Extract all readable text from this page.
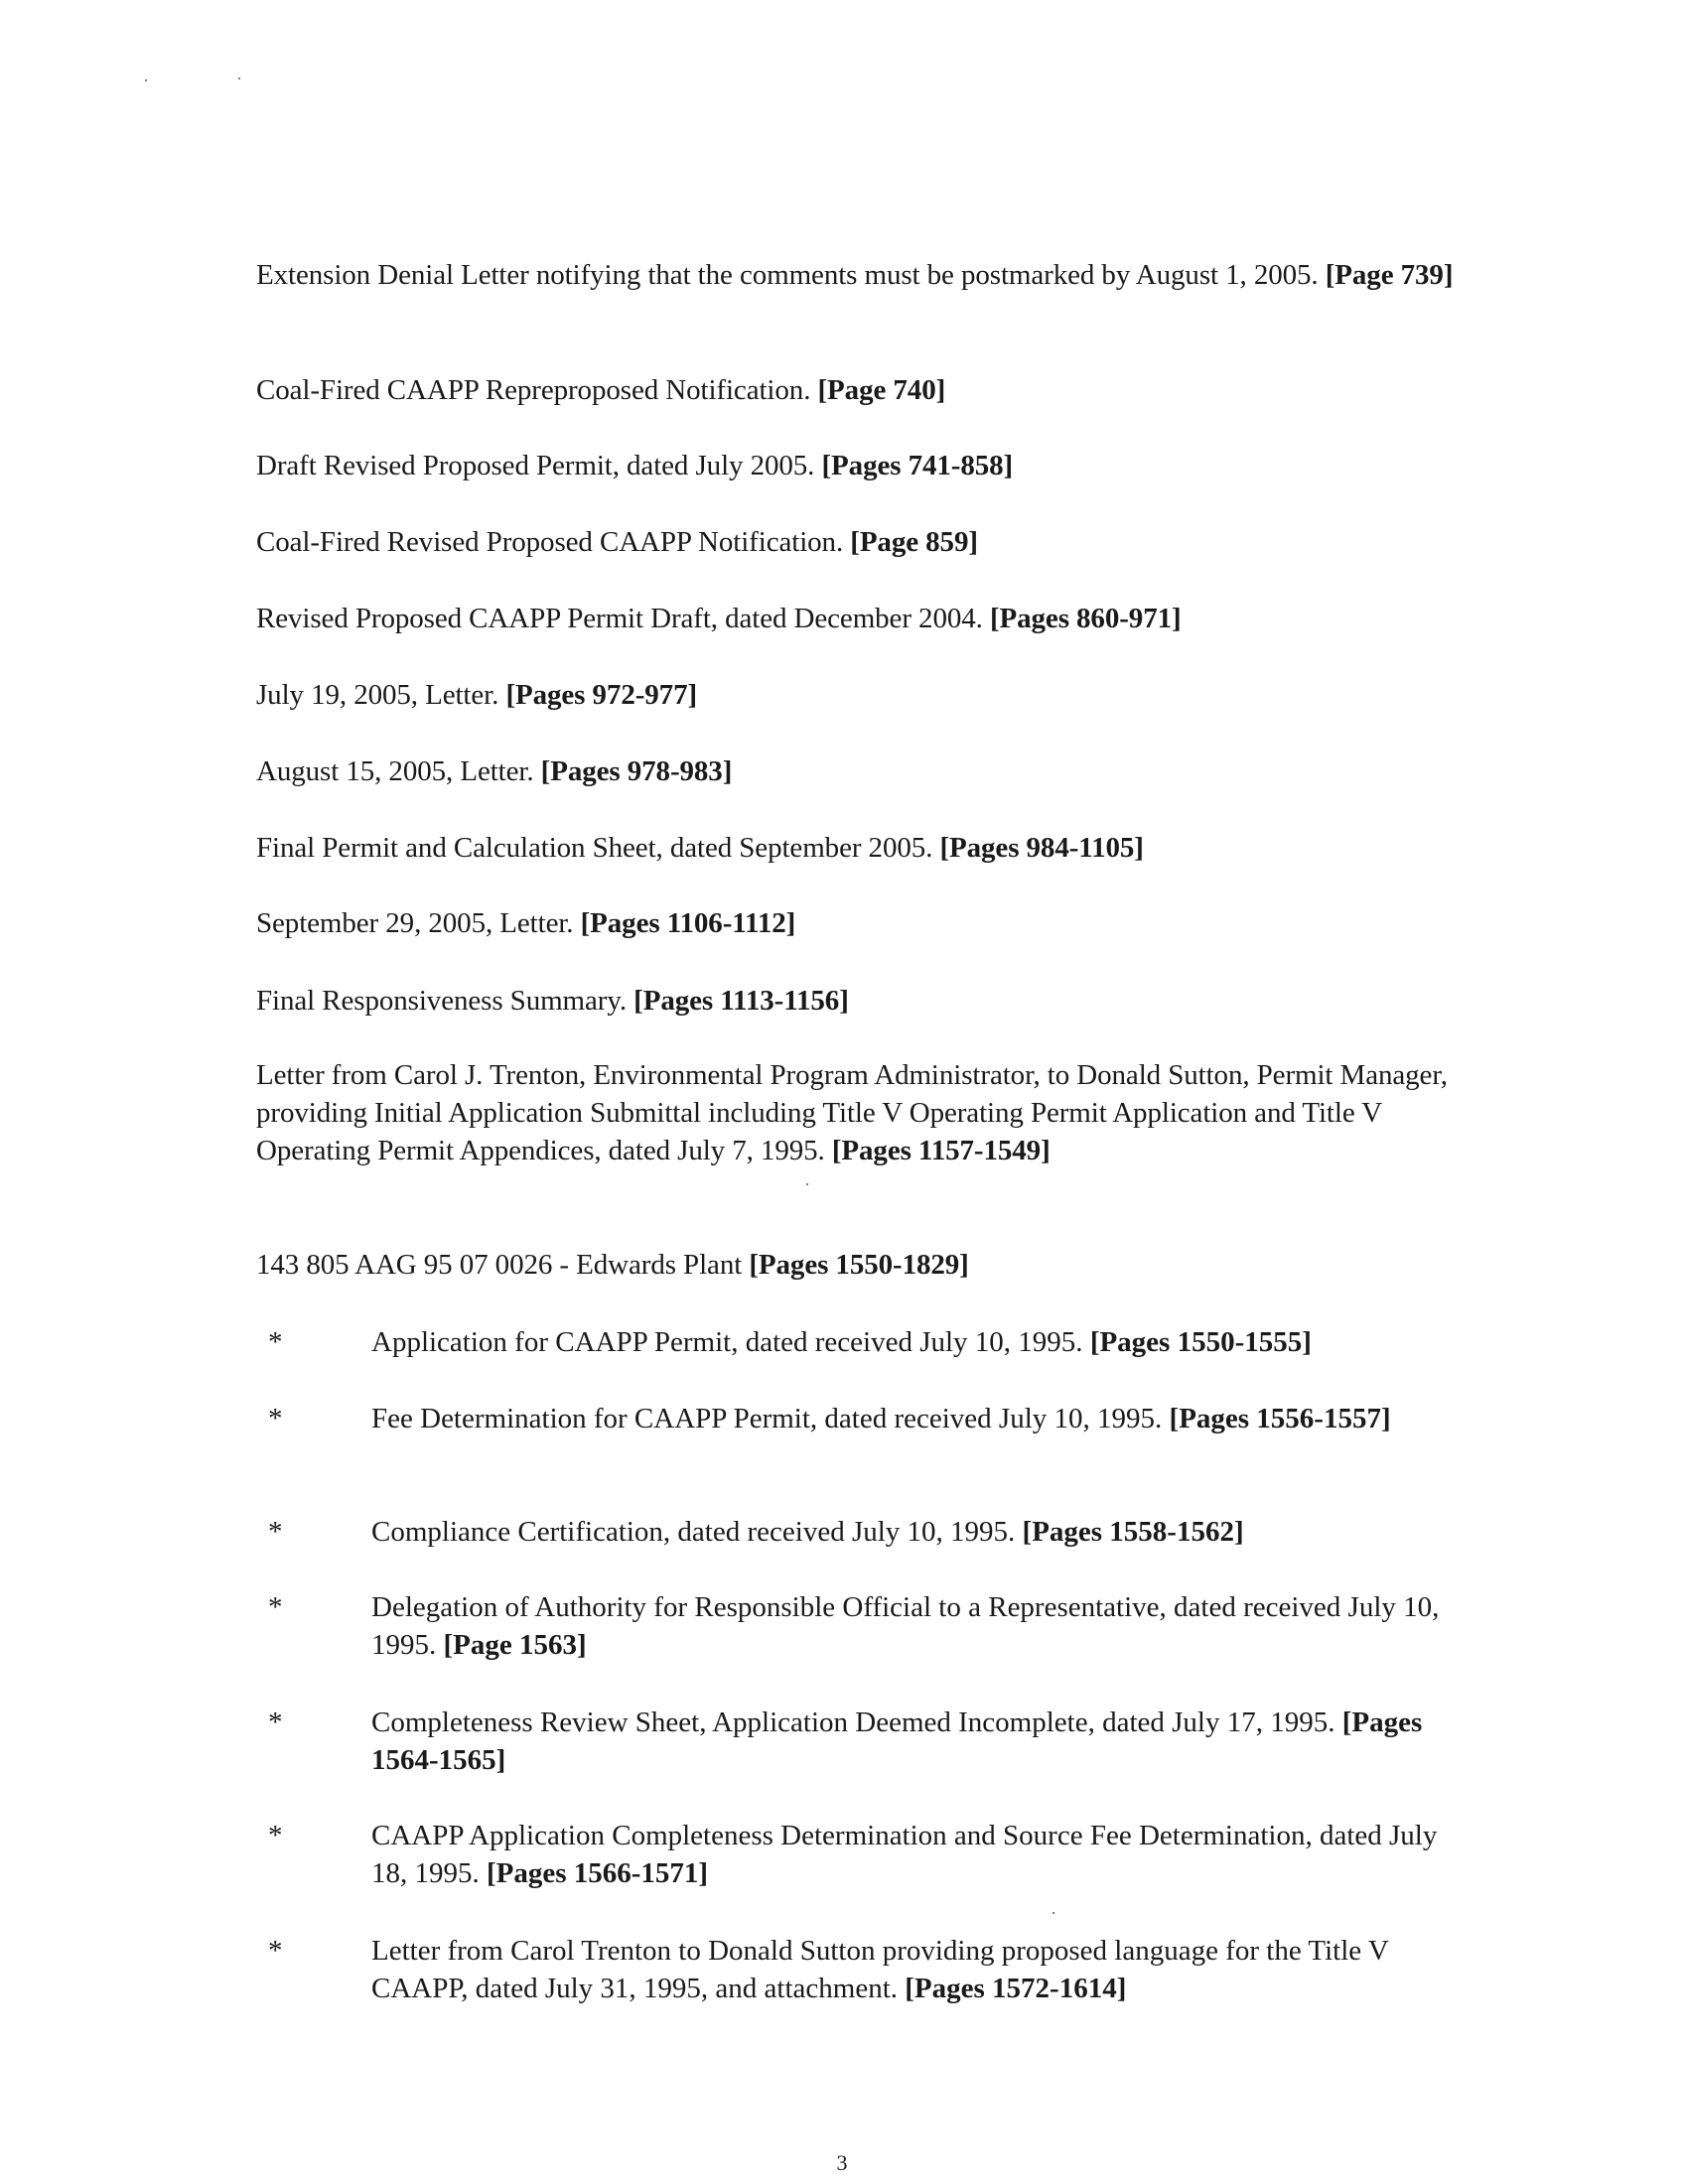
Extension Denial Letter notifying that the comments must be postmarked by August 1, 2005. [Page 739]
Coal-Fired CAAPP Repreproposed Notification. [Page 740]
Draft Revised Proposed Permit, dated July 2005. [Pages 741-858]
Coal-Fired Revised Proposed CAAPP Notification. [Page 859]
Revised Proposed CAAPP Permit Draft, dated December 2004. [Pages 860-971]
July 19, 2005, Letter. [Pages 972-977]
August 15, 2005, Letter. [Pages 978-983]
Final Permit and Calculation Sheet, dated September 2005. [Pages 984-1105]
September 29, 2005, Letter. [Pages 1106-1112]
Final Responsiveness Summary. [Pages 1113-1156]
Letter from Carol J. Trenton, Environmental Program Administrator, to Donald Sutton, Permit Manager, providing Initial Application Submittal including Title V Operating Permit Application and Title V Operating Permit Appendices, dated July 7, 1995. [Pages 1157-1549]
143 805 AAG 95 07 0026 - Edwards Plant [Pages 1550-1829]
*	Application for CAAPP Permit, dated received July 10, 1995. [Pages 1550-1555]
*	Fee Determination for CAAPP Permit, dated received July 10, 1995. [Pages 1556-1557]
*	Compliance Certification, dated received July 10, 1995. [Pages 1558-1562]
*	Delegation of Authority for Responsible Official to a Representative, dated received July 10, 1995. [Page 1563]
*	Completeness Review Sheet, Application Deemed Incomplete, dated July 17, 1995. [Pages 1564-1565]
*	CAAPP Application Completeness Determination and Source Fee Determination, dated July 18, 1995. [Pages 1566-1571]
*	Letter from Carol Trenton to Donald Sutton providing proposed language for the Title V CAAPP, dated July 31, 1995, and attachment. [Pages 1572-1614]
3
